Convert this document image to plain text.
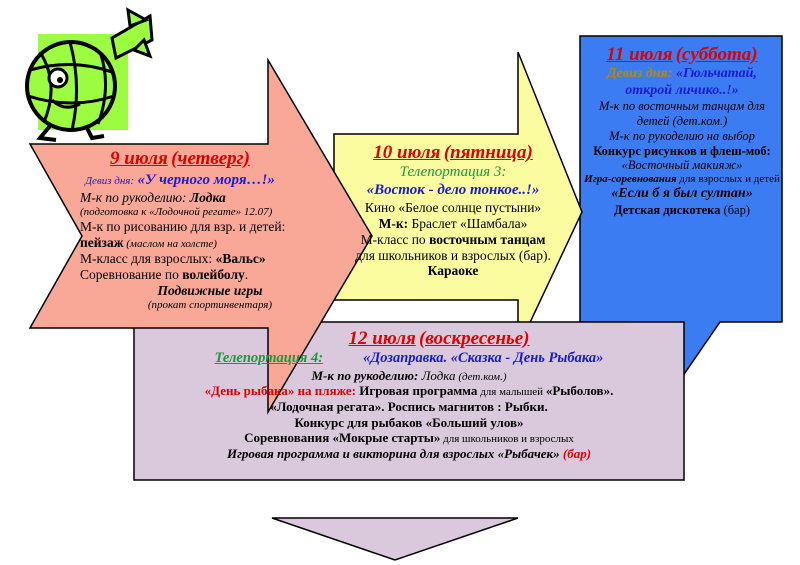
9 июля (четверг)
Девиз дня: «У черного моря…!»
М-к по рукоделию: Лодка
(подготовка к «Лодочной регате» 12.07)
М-к по рисованию для взр. и детей:
пейзаж (маслом на холсте)
М-класс для взрослых: «Вальс»
Соревнование по волейболу.
Подвижные игры
(прокат спортинвентаря)
10 июля (пятница)
Телепортация 3:
«Восток - дело тонкое..!»
Кино «Белое солнце пустыни»
М-к: Браслет «Шамбала»
М-класс по восточным танцам
для школьников и взрослых (бар).
Караоке
11 июля (суббота)
Девиз дня: «Гюльчатай, открой личико..!»
М-к по восточным танцам для детей (дет.ком.)
М-к по рукоделию на выбор
Конкурс рисунков и флеш-моб: «Восточный макияж»
Игра-соревнования для взрослых и детей
«Если б я был султан»
Детская дискотека (бар)
12 июля (воскресенье)
Телепортация 4:	«Дозаправка. «Сказка - День Рыбака»
М-к по рукоделию: Лодка (дет.ком.)
«День рыбака» на пляже: Игровая программа для малышей «Рыболов».
«Лодочная регата». Роспись магнитов : Рыбки.
Конкурс для рыбаков «Больший улов»
Соревнования «Мокрые старты» для школьников и взрослых
Игровая программа и викторина для взрослых «Рыбачек» (бар)
